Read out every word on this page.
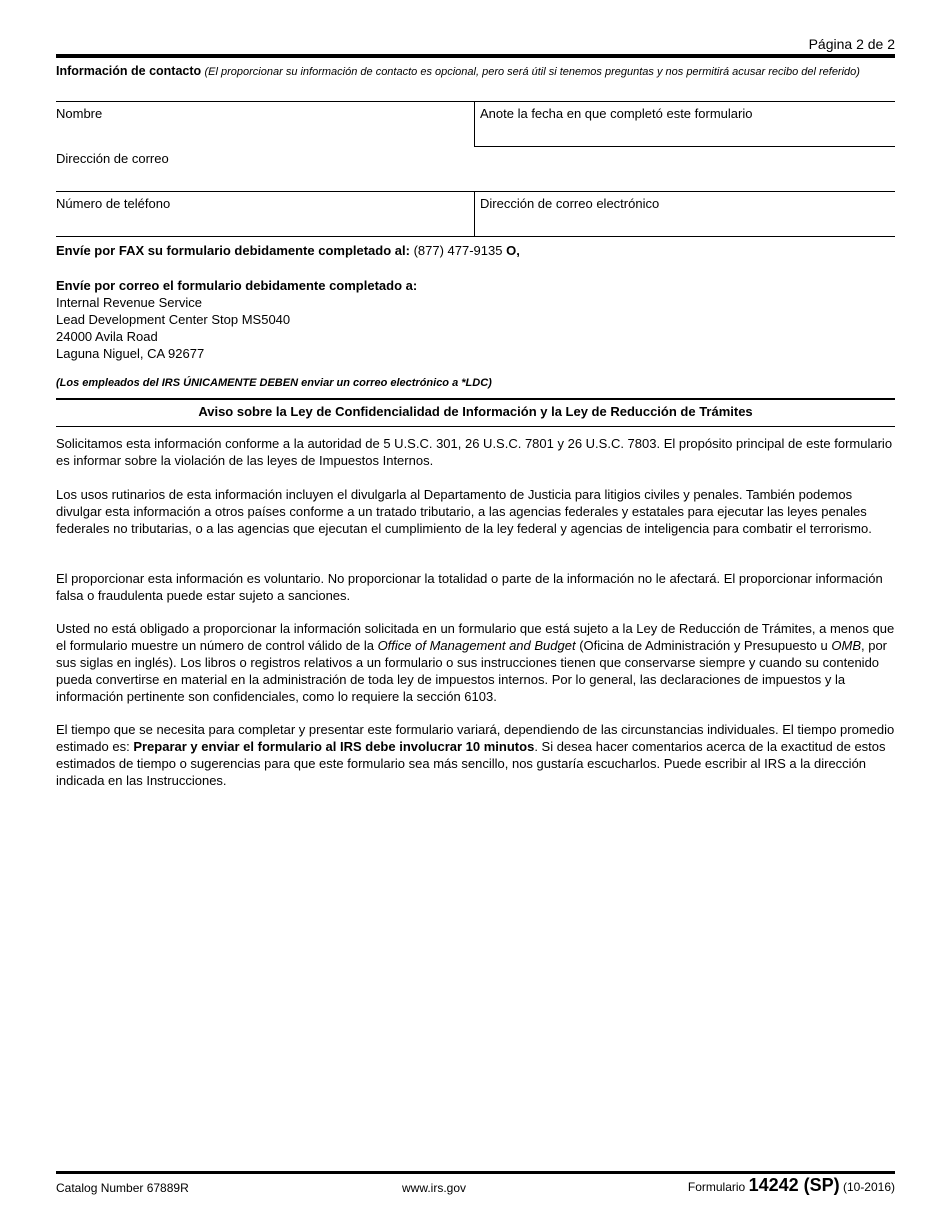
Página 2 de 2
Información de contacto (El proporcionar su información de contacto es opcional, pero será útil si tenemos preguntas y nos permitirá acusar recibo del referido)
Nombre	Anote la fecha en que completó este formulario
Dirección de correo
Número de teléfono	Dirección de correo electrónico
Envíe por FAX su formulario debidamente completado al: (877) 477-9135 O,
Envíe por correo el formulario debidamente completado a:
Internal Revenue Service
Lead Development Center Stop MS5040
24000 Avila Road
Laguna Niguel, CA 92677
(Los empleados del IRS ÚNICAMENTE DEBEN enviar un correo electrónico a *LDC)
Aviso sobre la Ley de Confidencialidad de Información y la Ley de Reducción de Trámites
Solicitamos esta información conforme a la autoridad de 5 U.S.C. 301, 26 U.S.C. 7801 y 26 U.S.C. 7803. El propósito principal de este formulario es informar sobre la violación de las leyes de Impuestos Internos.
Los usos rutinarios de esta información incluyen el divulgarla al Departamento de Justicia para litigios civiles y penales. También podemos divulgar esta información a otros países conforme a un tratado tributario, a las agencias federales y estatales para ejecutar las leyes penales federales no tributarias, o a las agencias que ejecutan el cumplimiento de la ley federal y agencias de inteligencia para combatir el terrorismo.
El proporcionar esta información es voluntario. No proporcionar la totalidad o parte de la información no le afectará. El proporcionar información falsa o fraudulenta puede estar sujeto a sanciones.
Usted no está obligado a proporcionar la información solicitada en un formulario que está sujeto a la Ley de Reducción de Trámites, a menos que el formulario muestre un número de control válido de la Office of Management and Budget (Oficina de Administración y Presupuesto u OMB, por sus siglas en inglés). Los libros o registros relativos a un formulario o sus instrucciones tienen que conservarse siempre y cuando su contenido pueda convertirse en material en la administración de toda ley de impuestos internos. Por lo general, las declaraciones de impuestos y la información pertinente son confidenciales, como lo requiere la sección 6103.
El tiempo que se necesita para completar y presentar este formulario variará, dependiendo de las circunstancias individuales. El tiempo promedio estimado es: Preparar y enviar el formulario al IRS debe involucrar 10 minutos. Si desea hacer comentarios acerca de la exactitud de estos estimados de tiempo o sugerencias para que este formulario sea más sencillo, nos gustaría escucharlos. Puede escribir al IRS a la dirección indicada en las Instrucciones.
Catalog Number 67889R	www.irs.gov	Formulario 14242 (SP) (10-2016)
